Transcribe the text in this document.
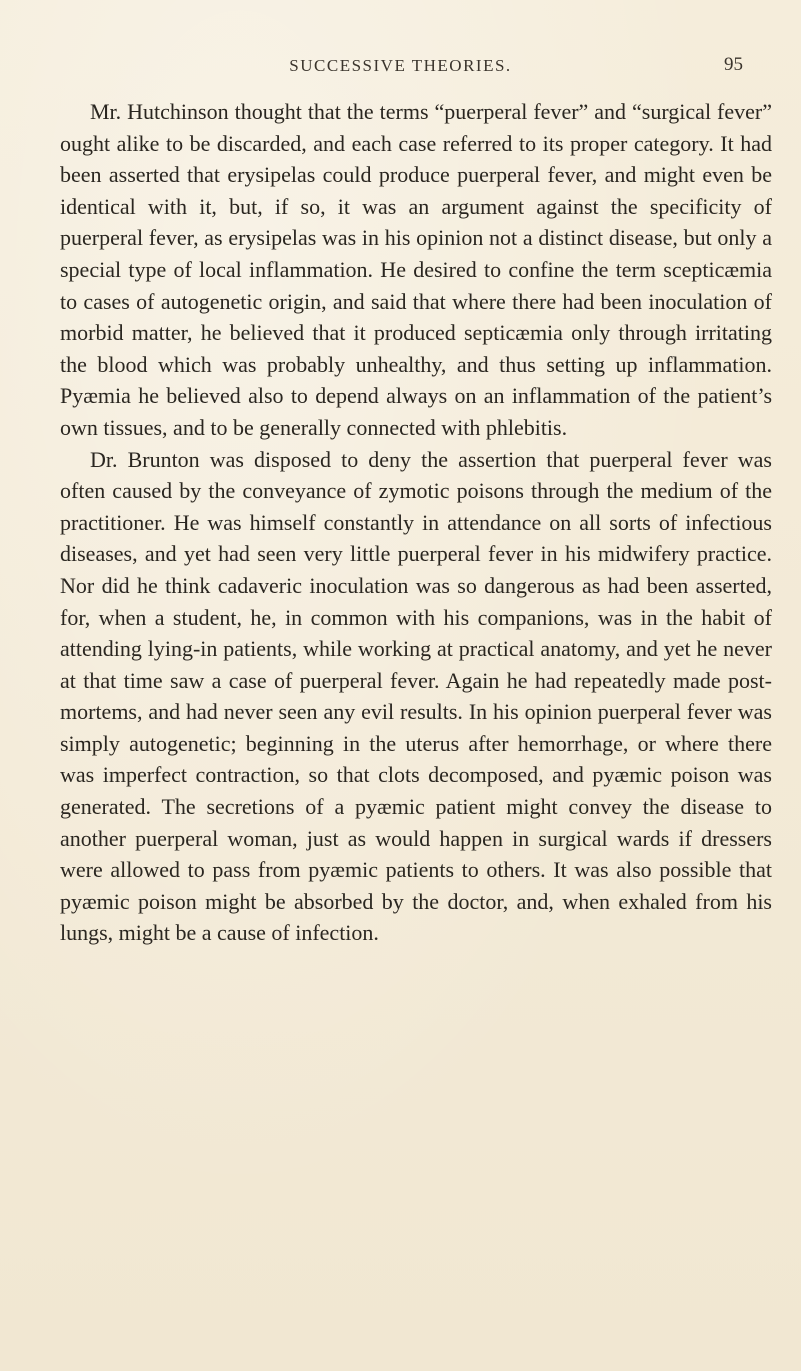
SUCCESSIVE THEORIES.	95

Mr. Hutchinson thought that the terms “puerperal fever” and “surgical fever” ought alike to be discarded, and each case referred to its proper category. It had been asserted that erysipelas could produce puerperal fever, and might even be identical with it, but, if so, it was an argument against the specificity of puerperal fever, as erysipelas was in his opinion not a distinct disease, but only a special type of local inflammation. He desired to confine the term scepticæmia to cases of autogenetic origin, and said that where there had been inoculation of morbid matter, he believed that it produced septicæmia only through irritating the blood which was probably unhealthy, and thus setting up inflammation. Pyæmia he believed also to depend always on an inflammation of the patient’s own tissues, and to be generally connected with phlebitis.

Dr. Brunton was disposed to deny the assertion that puerperal fever was often caused by the conveyance of zymotic poisons through the medium of the practitioner. He was himself constantly in attendance on all sorts of infectious diseases, and yet had seen very little puerperal fever in his midwifery practice. Nor did he think cadaveric inoculation was so dangerous as had been asserted, for, when a student, he, in common with his companions, was in the habit of attending lying-in patients, while working at practical anatomy, and yet he never at that time saw a case of puerperal fever. Again he had repeatedly made post-mortems, and had never seen any evil results. In his opinion puerperal fever was simply autogenetic; beginning in the uterus after hemorrhage, or where there was imperfect contraction, so that clots decomposed, and pyæmic poison was generated. The secretions of a pyæmic patient might convey the disease to another puerperal woman, just as would happen in surgical wards if dressers were allowed to pass from pyæmic patients to others. It was also possible that pyæmic poison might be absorbed by the doctor, and, when exhaled from his lungs, might be a cause of infection.
